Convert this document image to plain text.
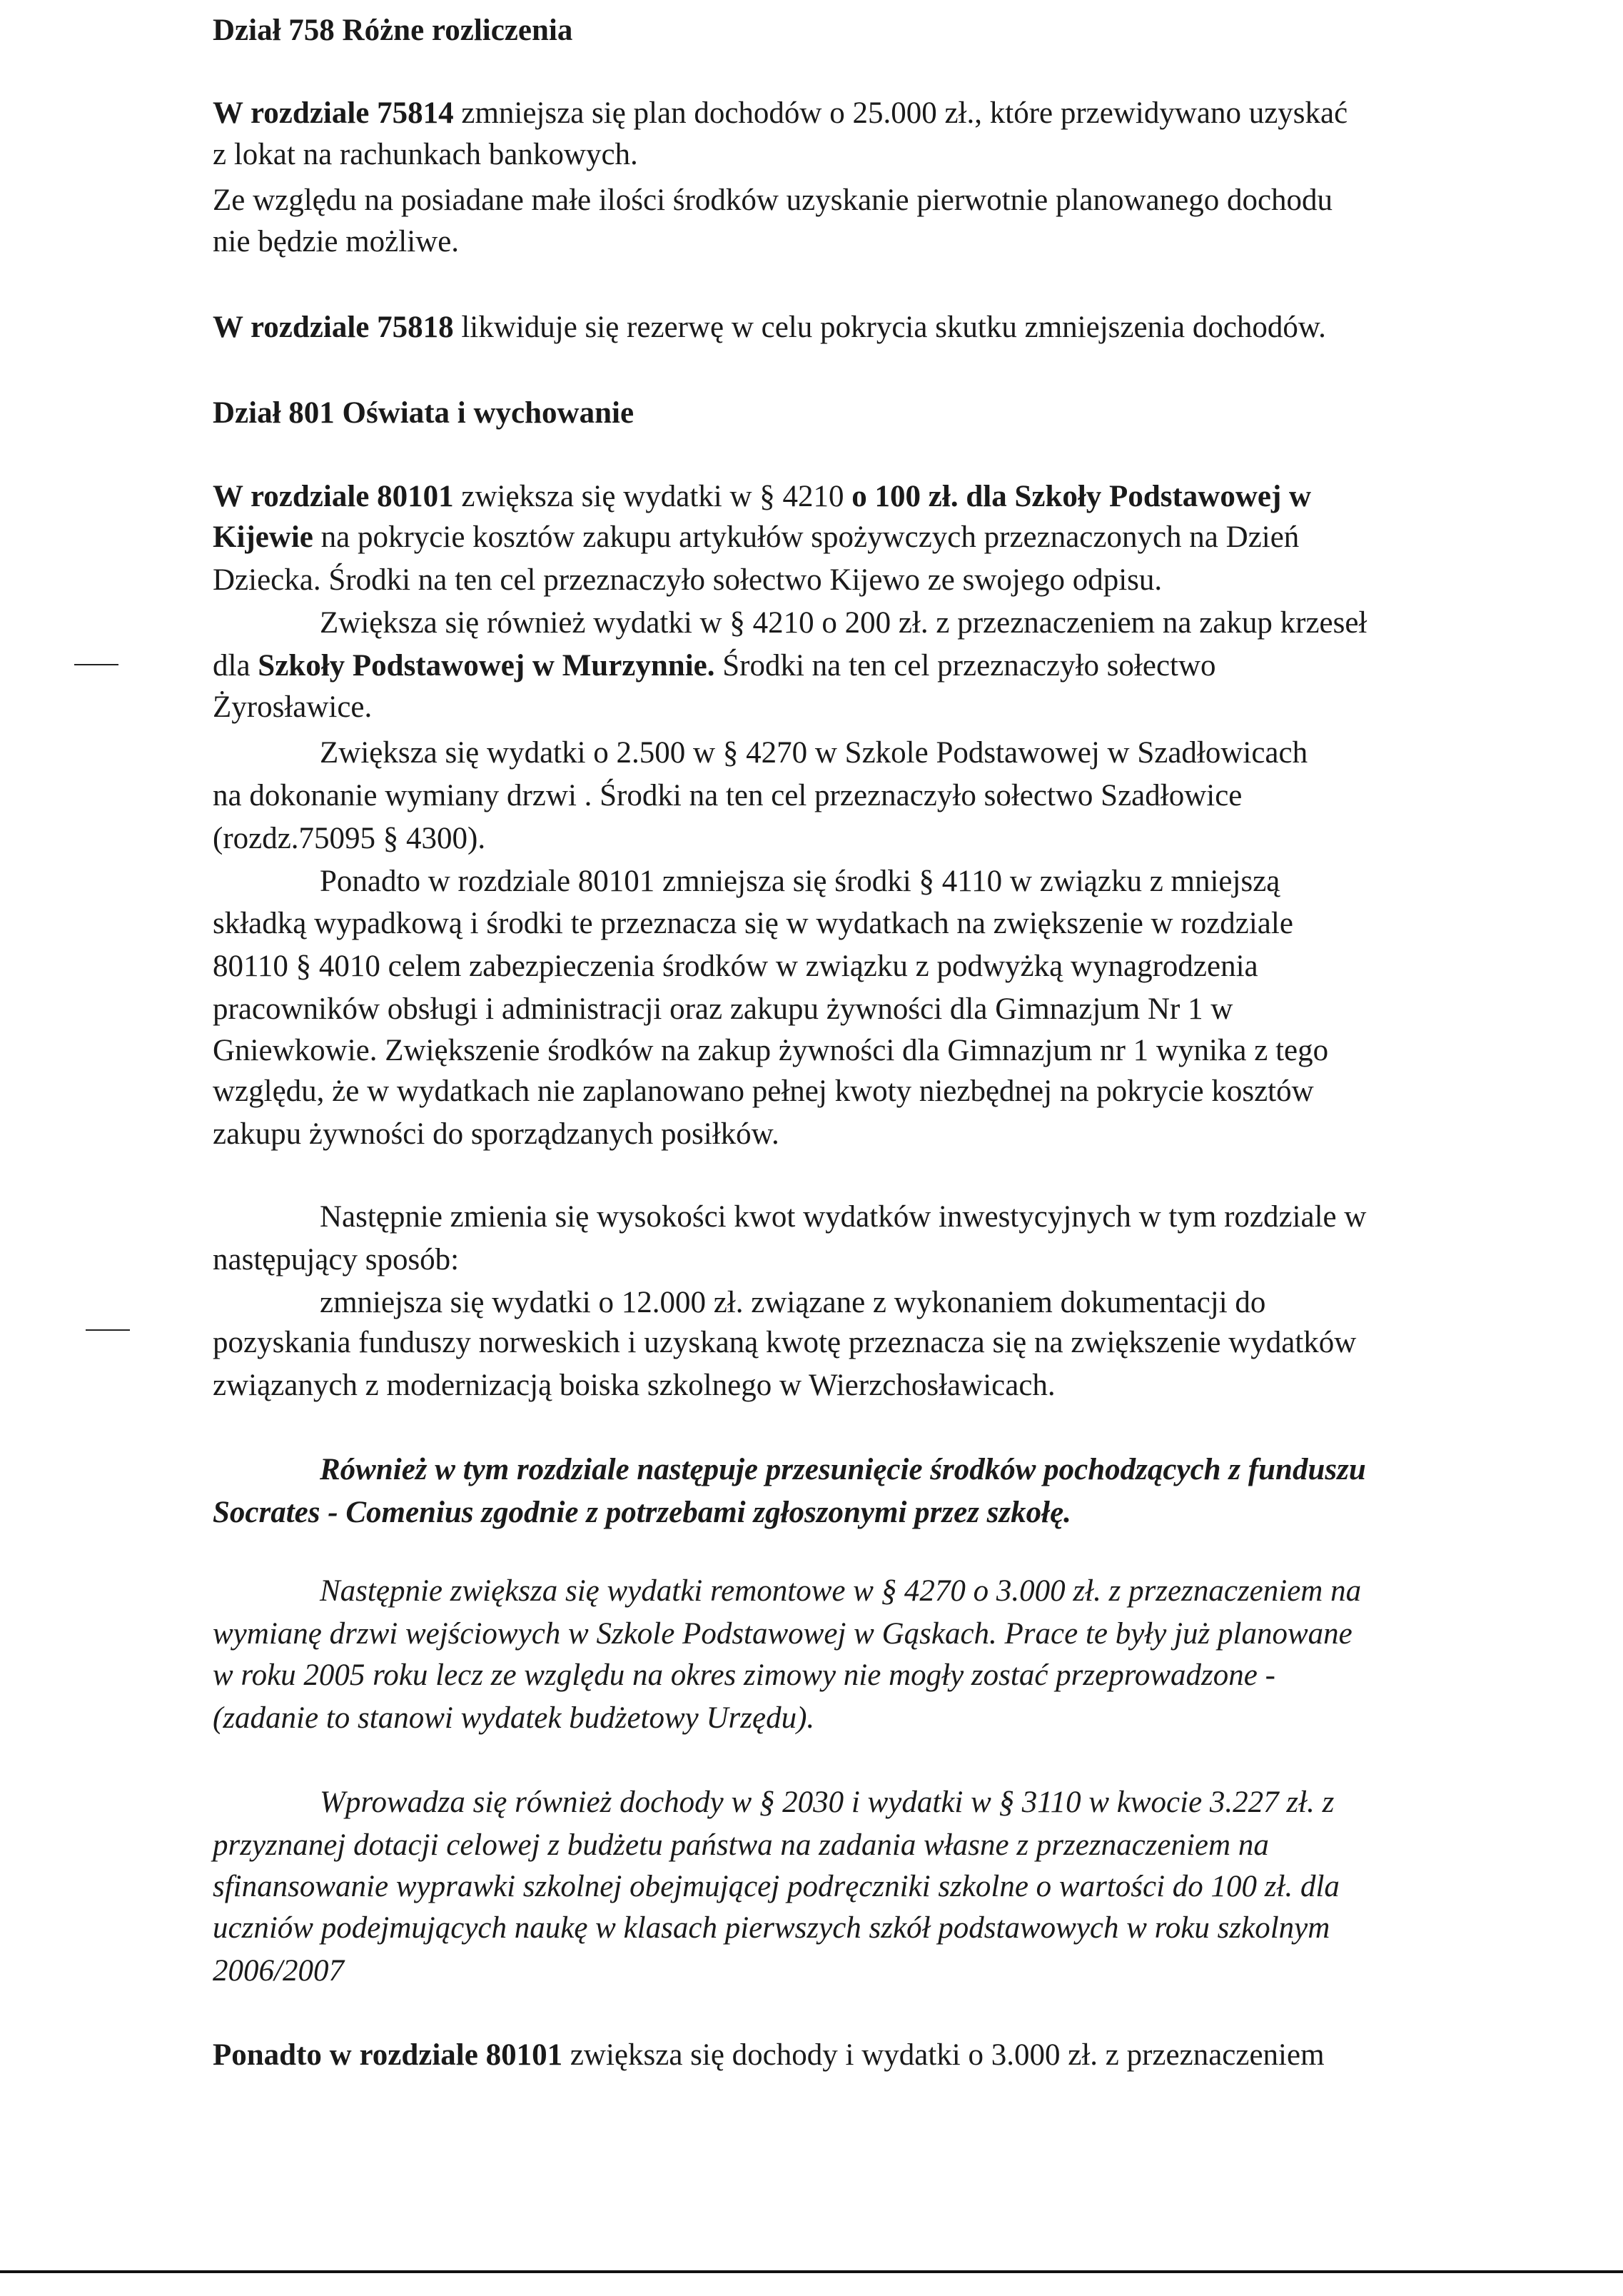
Dział 758 Różne rozliczenia
W rozdziale 75814 zmniejsza się plan dochodów o 25.000 zł., które przewidywano uzyskać
z lokat na rachunkach bankowych.
Ze względu na posiadane małe ilości środków uzyskanie pierwotnie planowanego dochodu
nie będzie możliwe.
W rozdziale 75818 likwiduje się rezerwę w celu pokrycia skutku zmniejszenia dochodów.
Dział 801 Oświata i wychowanie
W rozdziale 80101 zwiększa się wydatki w § 4210 o 100 zł. dla Szkoły Podstawowej w
Kijewie na pokrycie kosztów zakupu artykułów spożywczych przeznaczonych na Dzień
Dziecka. Środki na ten cel przeznaczyło sołectwo Kijewo ze swojego odpisu.
Zwiększa się również wydatki w § 4210 o 200 zł. z przeznaczeniem na zakup krzeseł
dla Szkoły Podstawowej w Murzynnie. Środki na ten cel przeznaczyło sołectwo
Żyrosławice.
Zwiększa się wydatki o 2.500 w § 4270 w Szkole Podstawowej w Szadłowicach
na dokonanie wymiany drzwi . Środki na ten cel przeznaczyło sołectwo Szadłowice
(rozdz.75095 § 4300).
Ponadto w rozdziale 80101 zmniejsza się środki § 4110 w związku z mniejszą
składką wypadkową i środki te przeznacza się w wydatkach na zwiększenie w rozdziale
80110 § 4010 celem zabezpieczenia środków w związku z podwyżką wynagrodzenia
pracowników obsługi i administracji oraz zakupu żywności dla Gimnazjum Nr 1 w
Gniewkowie. Zwiększenie środków na zakup żywności dla Gimnazjum nr 1 wynika z tego
względu, że w wydatkach nie zaplanowano pełnej kwoty niezbędnej na pokrycie kosztów
zakupu żywności do sporządzanych posiłków.
Następnie zmienia się wysokości kwot wydatków inwestycyjnych w tym rozdziale w
następujący sposób:
zmniejsza się wydatki o 12.000 zł. związane z wykonaniem dokumentacji do
pozyskania funduszy norweskich i uzyskaną kwotę przeznacza się na zwiększenie wydatków
związanych z modernizacją boiska szkolnego w Wierzchosławicach.
Również w tym rozdziale następuje przesunięcie środków pochodzących z funduszu
Socrates - Comenius zgodnie z potrzebami zgłoszonymi przez szkołę.
Następnie zwiększa się wydatki remontowe w § 4270 o 3.000 zł. z przeznaczeniem na
wymianę drzwi wejściowych w Szkole Podstawowej w Gąskach. Prace te były już planowane
w roku 2005 roku lecz ze względu na okres zimowy nie mogły zostać przeprowadzone -
(zadanie to stanowi wydatek budżetowy Urzędu).
Wprowadza się również dochody w § 2030 i wydatki w § 3110 w kwocie 3.227 zł. z
przyznanej dotacji celowej z budżetu państwa na zadania własne z przeznaczeniem na
sfinansowanie wyprawki szkolnej obejmującej podręczniki szkolne o wartości do 100 zł. dla
uczniów podejmujących naukę w klasach pierwszych szkół podstawowych w roku szkolnym
2006/2007
Ponadto w rozdziale 80101 zwiększa się dochody i wydatki o 3.000 zł. z przeznaczeniem
